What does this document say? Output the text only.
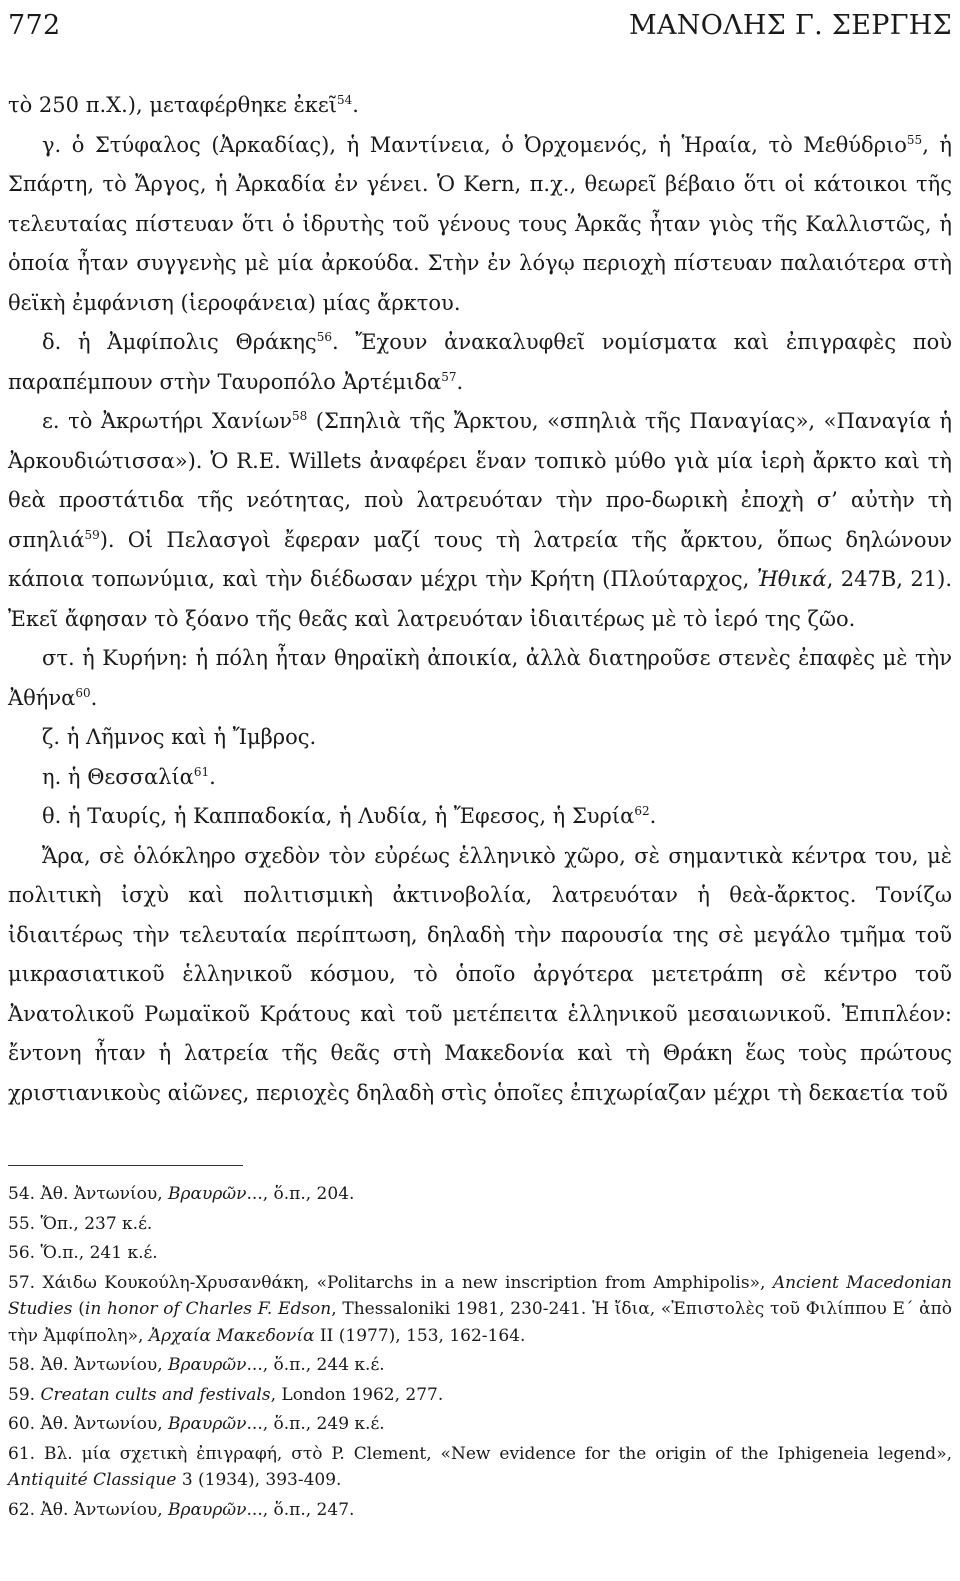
772	ΜΑΝΟΛΗΣ Γ. ΣΕΡΓΗΣ

τὸ 250 π.Χ.), μεταφέρθηκε ἐκεῖ$^{54}$.

γ. ὁ Στύφαλος (Ἀρκαδίας), ἡ Μαντίνεια, ὁ Ὀρχομενός, ἡ Ἡραία, τὸ Μεθύδριο$^{55}$, ἡ Σπάρτη, τὸ Ἄργος, ἡ Ἀρκαδία ἐν γένει. Ὁ Kern, π.χ., θεωρεῖ βέβαιο ὅτι οἱ κάτοικοι τῆς τελευταίας πίστευαν ὅτι ὁ ἱδρυτὴς τοῦ γένους τους Ἀρκᾶς ἦταν γιὸς τῆς Καλλιστῶς, ἡ ὁποία ἦταν συγγενὴς μὲ μία ἀρκούδα. Στὴν ἐν λόγῳ περιοχὴ πίστευαν παλαιότερα στὴ θεϊκὴ ἐμφάνιση (ἱεροφάνεια) μίας ἄρκτου.

δ. ἡ Ἀμφίπολις Θράκης$^{56}$. Ἔχουν ἀνακαλυφθεῖ νομίσματα καὶ ἐπιγραφὲς ποὺ παραπέμπουν στὴν Ταυροπόλο Ἀρτέμιδα$^{57}$.

ε. τὸ Ἀκρωτήρι Χανίων$^{58}$ (Σπηλιὰ τῆς Ἄρκτου, «σπηλιὰ τῆς Παναγίας», «Παναγία ἡ Ἀρκουδιώτισσα»). Ὁ R.E. Willets ἀναφέρει ἕναν τοπικὸ μύθο γιὰ μία ἱερὴ ἄρκτο καὶ τὴ θεὰ προστάτιδα τῆς νεότητας, ποὺ λατρευόταν τὴν προ-δωρικὴ ἐποχὴ σ’ αὐτὴν τὴ σπηλιά$^{59}$). Οἱ Πελασγοὶ ἔφεραν μαζί τους τὴ λατρεία τῆς ἄρκτου, ὅπως δηλώνουν κάποια τοπωνύμια, καὶ τὴν διέδωσαν μέχρι τὴν Κρήτη (Πλούταρχος, Ἠθικά, 247B, 21). Ἐκεῖ ἄφησαν τὸ ξόανο τῆς θεᾶς καὶ λατρευόταν ἰδιαιτέρως μὲ τὸ ἱερό της ζῶο.

στ. ἡ Κυρήνη: ἡ πόλη ἦταν θηραϊκὴ ἀποικία, ἀλλὰ διατηροῦσε στενὲς ἐπαφὲς μὲ τὴν Ἀθήνα$^{60}$.

ζ. ἡ Λῆμνος καὶ ἡ Ἴμβρος.

η. ἡ Θεσσαλία$^{61}$.

θ. ἡ Ταυρίς, ἡ Καππαδοκία, ἡ Λυδία, ἡ Ἔφεσος, ἡ Συρία$^{62}$.

Ἄρα, σὲ ὁλόκληρο σχεδὸν τὸν εὐρέως ἑλληνικὸ χῶρο, σὲ σημαντικὰ κέντρα του, μὲ πολιτικὴ ἰσχὺ καὶ πολιτισμικὴ ἀκτινοβολία, λατρευόταν ἡ θεὰ-ἄρκτος. Τονίζω ἰδιαιτέρως τὴν τελευταία περίπτωση, δηλαδὴ τὴν παρουσία της σὲ μεγάλο τμῆμα τοῦ μικρασιατικοῦ ἑλληνικοῦ κόσμου, τὸ ὁποῖο ἀργότερα μετετράπη σὲ κέντρο τοῦ Ἀνατολικοῦ Ρωμαϊκοῦ Κράτους καὶ τοῦ μετέπειτα ἑλληνικοῦ μεσαιωνικοῦ. Ἐπιπλέον: ἔντονη ἦταν ἡ λατρεία τῆς θεᾶς στὴ Μακεδονία καὶ τὴ Θράκη ἕως τοὺς πρώτους χριστιανικοὺς αἰῶνες, περιοχὲς δηλαδὴ στὶς ὁποῖες ἐπιχωρίαζαν μέχρι τὴ δεκαετία τοῦ

54. Ἀθ. Ἀντωνίου, Βραυρῶν..., ὅ.π., 204.

55. Ὅπ., 237 κ.έ.

56. Ὅ.π., 241 κ.έ.

57. Χάιδω Κουκούλη-Χρυσανθάκη, «Politarchs in a new inscription from Amphipolis», Ancient Macedonian Studies (in honor of Charles F. Edson, Thessaloniki 1981, 230-241. Ἡ ἴδια, «Ἐπιστολὲς τοῦ Φιλίππου Ε΄ ἀπὸ τὴν Ἀμφίπολη», Ἀρχαία Μακεδονία II (1977), 153, 162-164.

58. Ἀθ. Ἀντωνίου, Βραυρῶν..., ὅ.π., 244 κ.έ.

59. Creatan cults and festivals, London 1962, 277.

60. Ἀθ. Ἀντωνίου, Βραυρῶν..., ὅ.π., 249 κ.έ.

61. Βλ. μία σχετικὴ ἐπιγραφή, στὸ P. Clement, «New evidence for the origin of the Iphigeneia legend», Antiquité Classique 3 (1934), 393-409.

62. Ἀθ. Ἀντωνίου, Βραυρῶν..., ὅ.π., 247.
